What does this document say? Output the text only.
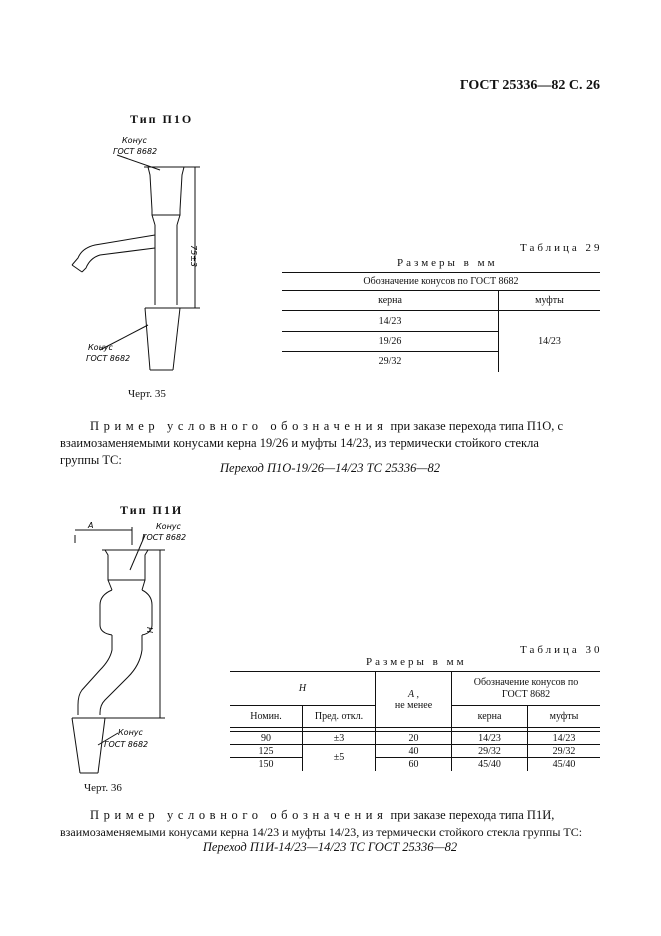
ГОСТ 25336—82 С. 26
Тип П1О
Конус
ГОСТ 8682
Конус
ГОСТ 8682
75±3
Черт. 35
Таблица 29
Размеры в мм
Обозначение конусов по ГОСТ 8682	
керна	муфты
14/23	14/23
19/26	
29/32	
Пример условного обозначения при заказе перехода типа П1О, с
взаимозаменяемыми конусами керна 19/26 и муфты 14/23, из термически стойкого стекла
группы ТС:
Переход П1О-19/26—14/23 ТС 25336—82
Тип П1И
A
H
Конус
ГОСТ 8682
Конус
ГОСТ 8682
Черт. 36
Таблица 30
Размеры в мм
H		A ,
не менее	Обозначение конусов по
ГОСТ 8682	
Номин.	Пред. откл.		керна	муфты

90	±3	20	14/23	14/23
125	±5	40	29/32	29/32
150		60	45/40	45/40
Пример условного обозначения при заказе перехода типа П1И,
взаимозаменяемыми конусами керна 14/23 и муфты 14/23, из термически стойкого стекла группы ТС:
Переход П1И-14/23—14/23 ТС ГОСТ 25336—82
